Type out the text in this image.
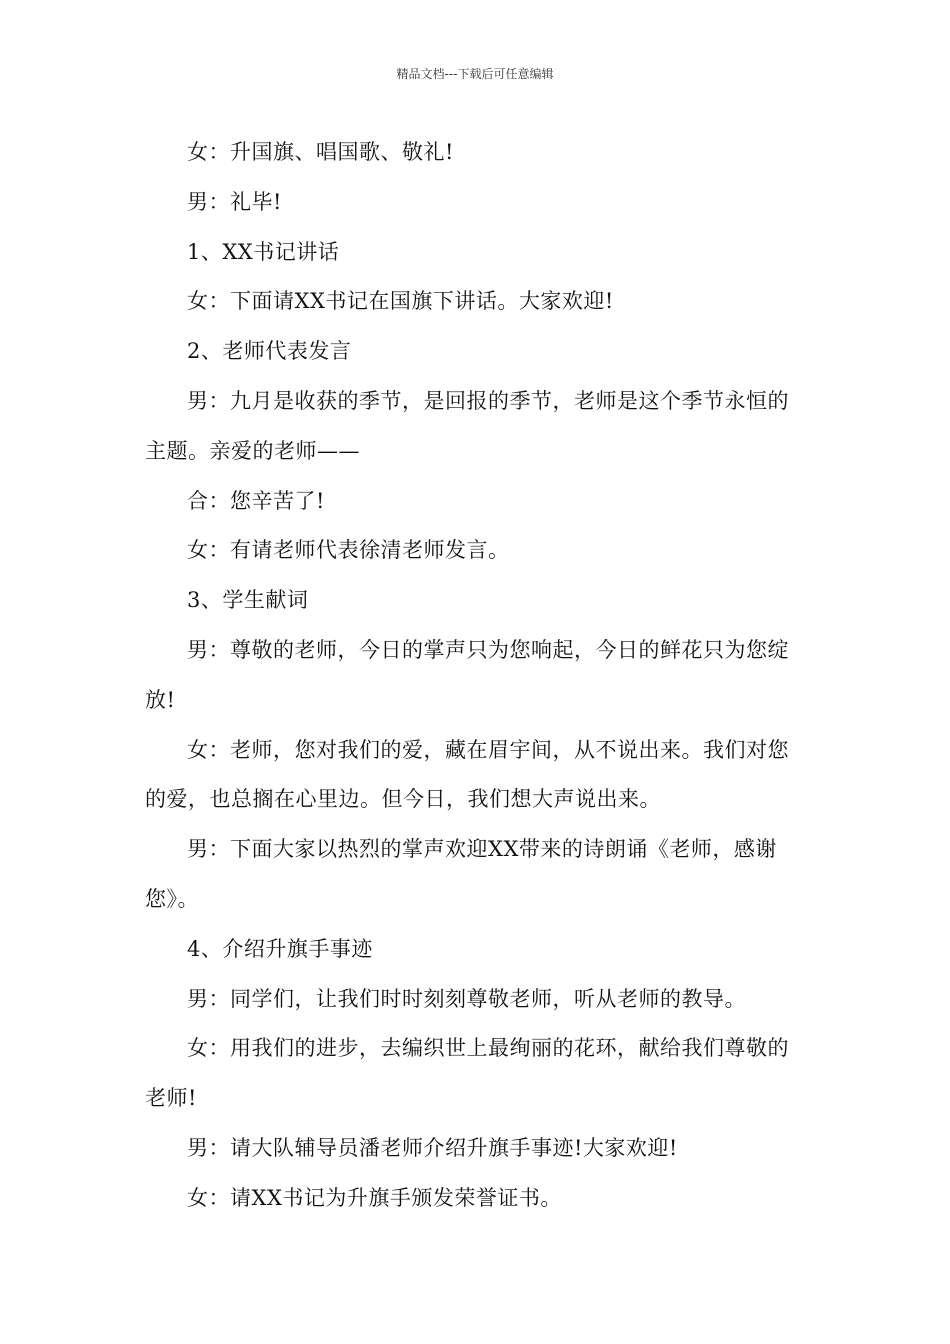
精品文档---下载后可任意编辑

女：升国旗、唱国歌、敬礼!

男：礼毕!

1、XX书记讲话

女：下面请XX书记在国旗下讲话。大家欢迎!

2、老师代表发言

男：九月是收获的季节，是回报的季节，老师是这个季节永恒的主题。亲爱的老师——

合：您辛苦了!

女：有请老师代表徐清老师发言。

3、学生献词

男：尊敬的老师，今日的掌声只为您响起，今日的鲜花只为您绽放!

女：老师，您对我们的爱，藏在眉宇间，从不说出来。我们对您的爱，也总搁在心里边。但今日，我们想大声说出来。

男：下面大家以热烈的掌声欢迎XX带来的诗朗诵《老师，感谢您》。

4、介绍升旗手事迹

男：同学们，让我们时时刻刻尊敬老师，听从老师的教导。

女：用我们的进步，去编织世上最绚丽的花环，献给我们尊敬的老师!

男：请大队辅导员潘老师介绍升旗手事迹!大家欢迎!

女：请XX书记为升旗手颁发荣誉证书。
